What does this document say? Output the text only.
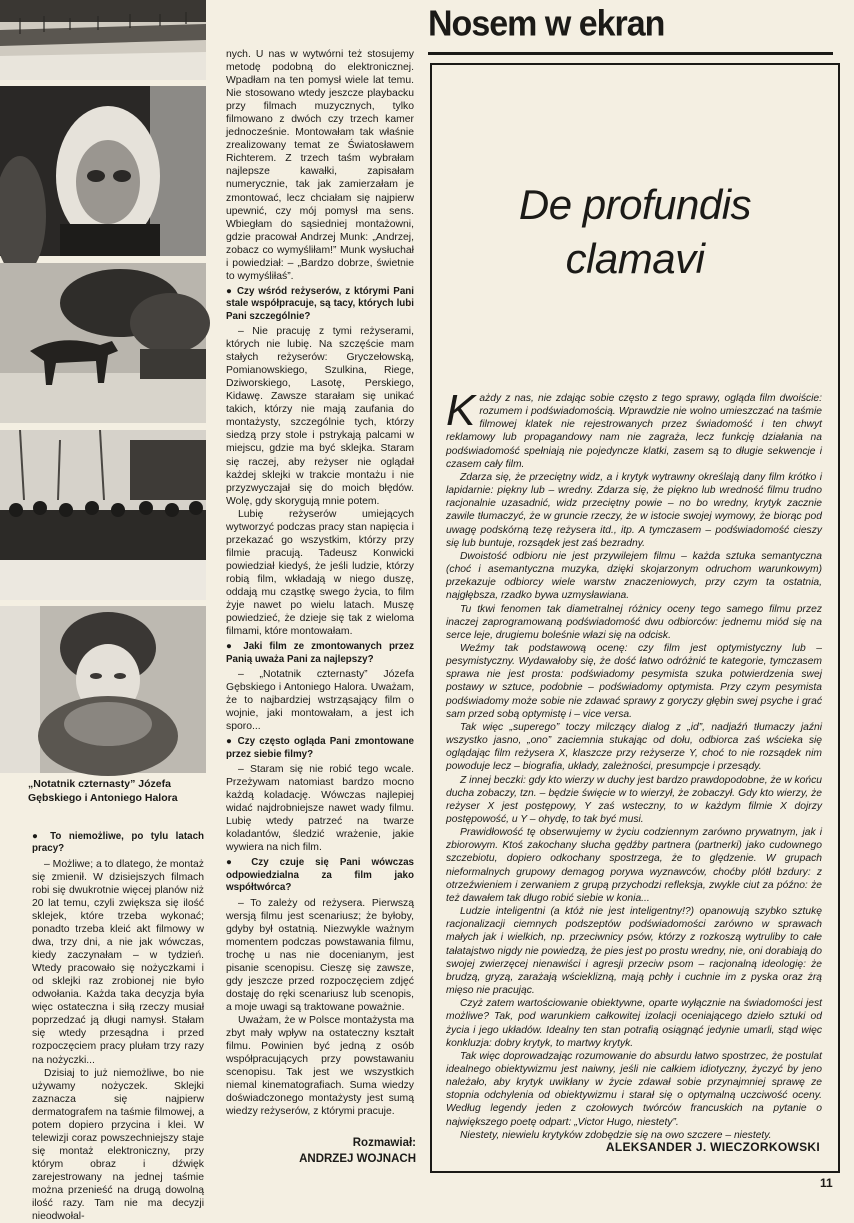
„Notatnik czternasty” Józefa Gębskiego i Antoniego Halora

● To niemożliwe, po tylu latach pracy?

– Możliwe; a to dlatego, że montaż się zmienił. W dzisiejszych filmach robi się dwukrotnie więcej planów niż 20 lat temu, czyli zwiększa się ilość sklejek, które trzeba wykonać; ponadto trzeba kleić akt filmowy w dwa, trzy dni, a nie jak wówczas, kiedy zaczynałam – w tydzień. Wtedy pracowało się nożyczkami i od sklejki raz zrobionej nie było odwołania. Każda taka decyzja była więc ostateczna i siłą rzeczy musiał poprzedzać ją długi namysł. Stałam się wtedy przesądna i przed rozpoczęciem pracy plułam trzy razy na nożyczki...

Dzisiaj to już niemożliwe, bo nie używamy nożyczek. Sklejki zaznacza się najpierw dermatografem na taśmie filmowej, a potem dopiero przycina i klei. W telewizji coraz powszechniejszy staje się montaż elektroniczny, przy którym obraz i dźwięk zarejestrowany na jednej taśmie można przenieść na drugą dowolną ilość razy. Tam nie ma decyzji nieodwołal-

nych. U nas w wytwórni też stosujemy metodę podobną do elektronicznej. Wpadłam na ten pomysł wiele lat temu. Nie stosowano wtedy jeszcze playbacku przy filmach muzycznych, tylko filmowano z dwóch czy trzech kamer jednocześnie. Montowałam tak właśnie zrealizowany temat ze Światosławem Richterem. Z trzech taśm wybrałam najlepsze kawałki, zapisałam numerycznie, tak jak zamierzałam je zmontować, lecz chciałam się najpierw upewnić, czy mój pomysł ma sens. Wbiegłam do sąsiedniej montażowni, gdzie pracował Andrzej Munk: „Andrzej, zobacz co wymyśliłam!” Munk wysłuchał i powiedział: – „Bardzo dobrze, świetnie to wymyśliłaś”.

● Czy wśród reżyserów, z którymi Pani stale współpracuje, są tacy, których lubi Pani szczególnie?

– Nie pracuję z tymi reżyserami, których nie lubię. Na szczęście mam stałych reżyserów: Gryczełowską, Pomianowskiego, Szulkina, Riege, Dziworskiego, Lasotę, Perskiego, Kidawę. Zawsze starałam się unikać takich, którzy nie mają zaufania do montażysty, szczególnie tych, którzy siedzą przy stole i pstrykają palcami w miejscu, gdzie ma być sklejka. Staram się raczej, aby reżyser nie oglądał każdej sklejki w trakcie montażu i nie przyzwyczajał się do moich błędów. Wolę, gdy skorygują mnie potem.

Lubię reżyserów umiejących wytworzyć podczas pracy stan napięcia i przekazać go wszystkim, którzy przy filmie pracują. Tadeusz Konwicki powiedział kiedyś, że jeśli ludzie, którzy robią film, wkładają w niego duszę, oddają mu cząstkę swego życia, to film żyje nawet po wielu latach. Muszę powiedzieć, że dzieje się tak z wieloma filmami, które montowałam.

● Jaki film ze zmontowanych przez Panią uważa Pani za najlepszy?

– „Notatnik czternasty” Józefa Gębskiego i Antoniego Halora. Uważam, że to najbardziej wstrząsający film o wojnie, jaki montowałam, a jest ich sporo...

● Czy często ogląda Pani zmontowane przez siebie filmy?

– Staram się nie robić tego wcale. Przeżywam natomiast bardzo mocno każdą koladację. Wówczas najlepiej widać najdrobniejsze nawet wady filmu. Lubię wtedy patrzeć na twarze koladantów, śledzić wrażenie, jakie wywiera na nich film.

● Czy czuje się Pani wówczas odpowiedzialna za film jako współtwórca?

– To zależy od reżysera. Pierwszą wersją filmu jest scenariusz; że byłoby, gdyby był ostatnią. Niezwykle ważnym momentem podczas powstawania filmu, trochę u nas nie docenianym, jest pisanie scenopisu. Cieszę się zawsze, gdy jeszcze przed rozpoczęciem zdjęć dostaję do ręki scenariusz lub scenopis, a moje uwagi są traktowane poważnie.

Uważam, że w Polsce montażysta ma zbyt mały wpływ na ostateczny kształt filmu. Powinien być jedną z osób współpracujących przy powstawaniu scenopisu. Tak jest we wszystkich niemal kinematografiach. Suma wiedzy doświadczonego montażysty jest sumą wiedzy reżyserów, z którymi pracuje.

Rozmawiał:
ANDRZEJ WOJNACH
Nosem w ekran
De profundis
clamavi

Każdy z nas, nie zdając sobie często z tego sprawy, ogląda film dwoiście: rozumem i podświadomością. Wprawdzie nie wolno umieszczać na taśmie filmowej klatek nie rejestrowanych przez świadomość i ten chwyt reklamowy lub propagandowy nam nie zagraża, lecz funkcję działania na podświadomość spełniają nie pojedyncze klatki, zasem są to długie sekwencje i czasem cały film.

Zdarza się, że przeciętny widz, a i krytyk wytrawny określają dany film krótko i lapidarnie: piękny lub – wredny. Zdarza się, że piękno lub wredność filmu trudno racjonalnie uzasadnić, widz przeciętny powie – no bo wredny, krytyk zacznie zawile tłumaczyć, że w gruncie rzeczy, że w istocie swojej wymowy, że biorąc pod uwagę podskórną tezę reżysera itd., itp. A tymczasem – podświadomość cieszy się lub buntuje, rozsądek jest zaś bezradny.

Dwoistość odbioru nie jest przywilejem filmu – każda sztuka semantyczna (choć i asemantyczna muzyka, dzięki skojarzonym odruchom warunkowym) przekazuje odbiorcy wiele warstw znaczeniowych, przy czym ta ostatnia, najgłębsza, rzadko bywa uzmysławiana.

Tu tkwi fenomen tak diametralnej różnicy oceny tego samego filmu przez inaczej zaprogramowaną podświadomość dwu odbiorców: jednemu miód się na serce leje, drugiemu boleśnie włazi się na odcisk.

Weźmy tak podstawową ocenę: czy film jest optymistyczny lub – pesymistyczny. Wydawałoby się, że dość łatwo odróżnić te kategorie, tymczasem sprawa nie jest prosta: podświadomy pesymista szuka potwierdzenia swej postawy w sztuce, podobnie – podświadomy optymista. Przy czym pesymista podświadomy może sobie nie zdawać sprawy z goryczy głębin swej psyche i grać sam przed sobą optymistę i – vice versa.

Tak więc „superego” toczy milczący dialog z „id”, nadjaźń tłumaczy jaźni wszystko jasno, „ono” zaciemnia stukając od dołu, odbiorca zaś wściekа się oglądając film reżysera X, klaszcze przy reżyserze Y, choć to nie rozsądek nim powoduje lecz – biografia, układy, zależności, presumpcje i przesądy.

Z innej beczki: gdy kto wierzy w duchy jest bardzo prawdopodobne, że w końcu ducha zobaczy, tzn. – będzie święcie w to wierzył, że zobaczył. Gdy kto wierzy, że reżyser X jest postępowy, Y zaś wsteczny, to w każdym filmie X dojrzy postępowość, u Y – ohydę, to tak być musi.

Prawidłowość tę obserwujemy w życiu codziennym zarówno prywatnym, jak i zbiorowym. Ktoś zakochany słucha gędźby partnera (partnerki) jako cudownego szczebiotu, dopiero odkochany spostrzega, że to ględzenie. W grupach nieformalnych grupowy demagog porywa wyznawców, choćby plótł bzdury: z otrzeźwieniem i zerwaniem z grupą przychodzi refleksja, zwykle ciut za późno: że też dawałem tak długo robić siebie w konia...

Ludzie inteligentni (a któż nie jest inteligentny!?) opanowują szybko sztukę racjonalizacji ciemnych podszeptów podświadomości zarówno w sprawach małych jak i wielkich, np. przeciwnicy psów, którzy z rozkoszą wytruliby to całe tałatajstwo nigdy nie powiedzą, że pies jest po prostu wredny, nie, oni dorabiają do swojej zwierzęcej nienawiści i agresji przeciw psom – racjonalną ideologię: że brudzą, gryzą, zarażają wścieklizną, mają pchły i cuchnie im z pyska oraz żrą mięso nie pracując.

Czyż zatem wartościowanie obiektywne, oparte wyłącznie na świadomości jest możliwe? Tak, pod warunkiem całkowitej izolacji oceniającego dzieło sztuki od życia i jego układów. Idealny ten stan potrafią osiągnąć jedynie umarli, stąd więc konkluzja: dobry krytyk, to martwy krytyk.

Tak więc doprowadzając rozumowanie do absurdu łatwo spostrzec, że postulat idealnego obiektywizmu jest naiwny, jeśli nie całkiem idiotyczny, życzyć by jeno należało, aby krytyk uwikłany w życie zdawał sobie przynajmniej sprawę ze stopnia odchylenia od obiektywizmu i starał się o optymalną uczciwość oceny. Według legendy jeden z czołowych twórców francuskich na pytanie o największego poetę odpart: „Victor Hugo, niestety”.

Niestety, niewielu krytyków zdobędzie się na owo szczere – niestety.

ALEKSANDER J. WIECZORKOWSKI
11
